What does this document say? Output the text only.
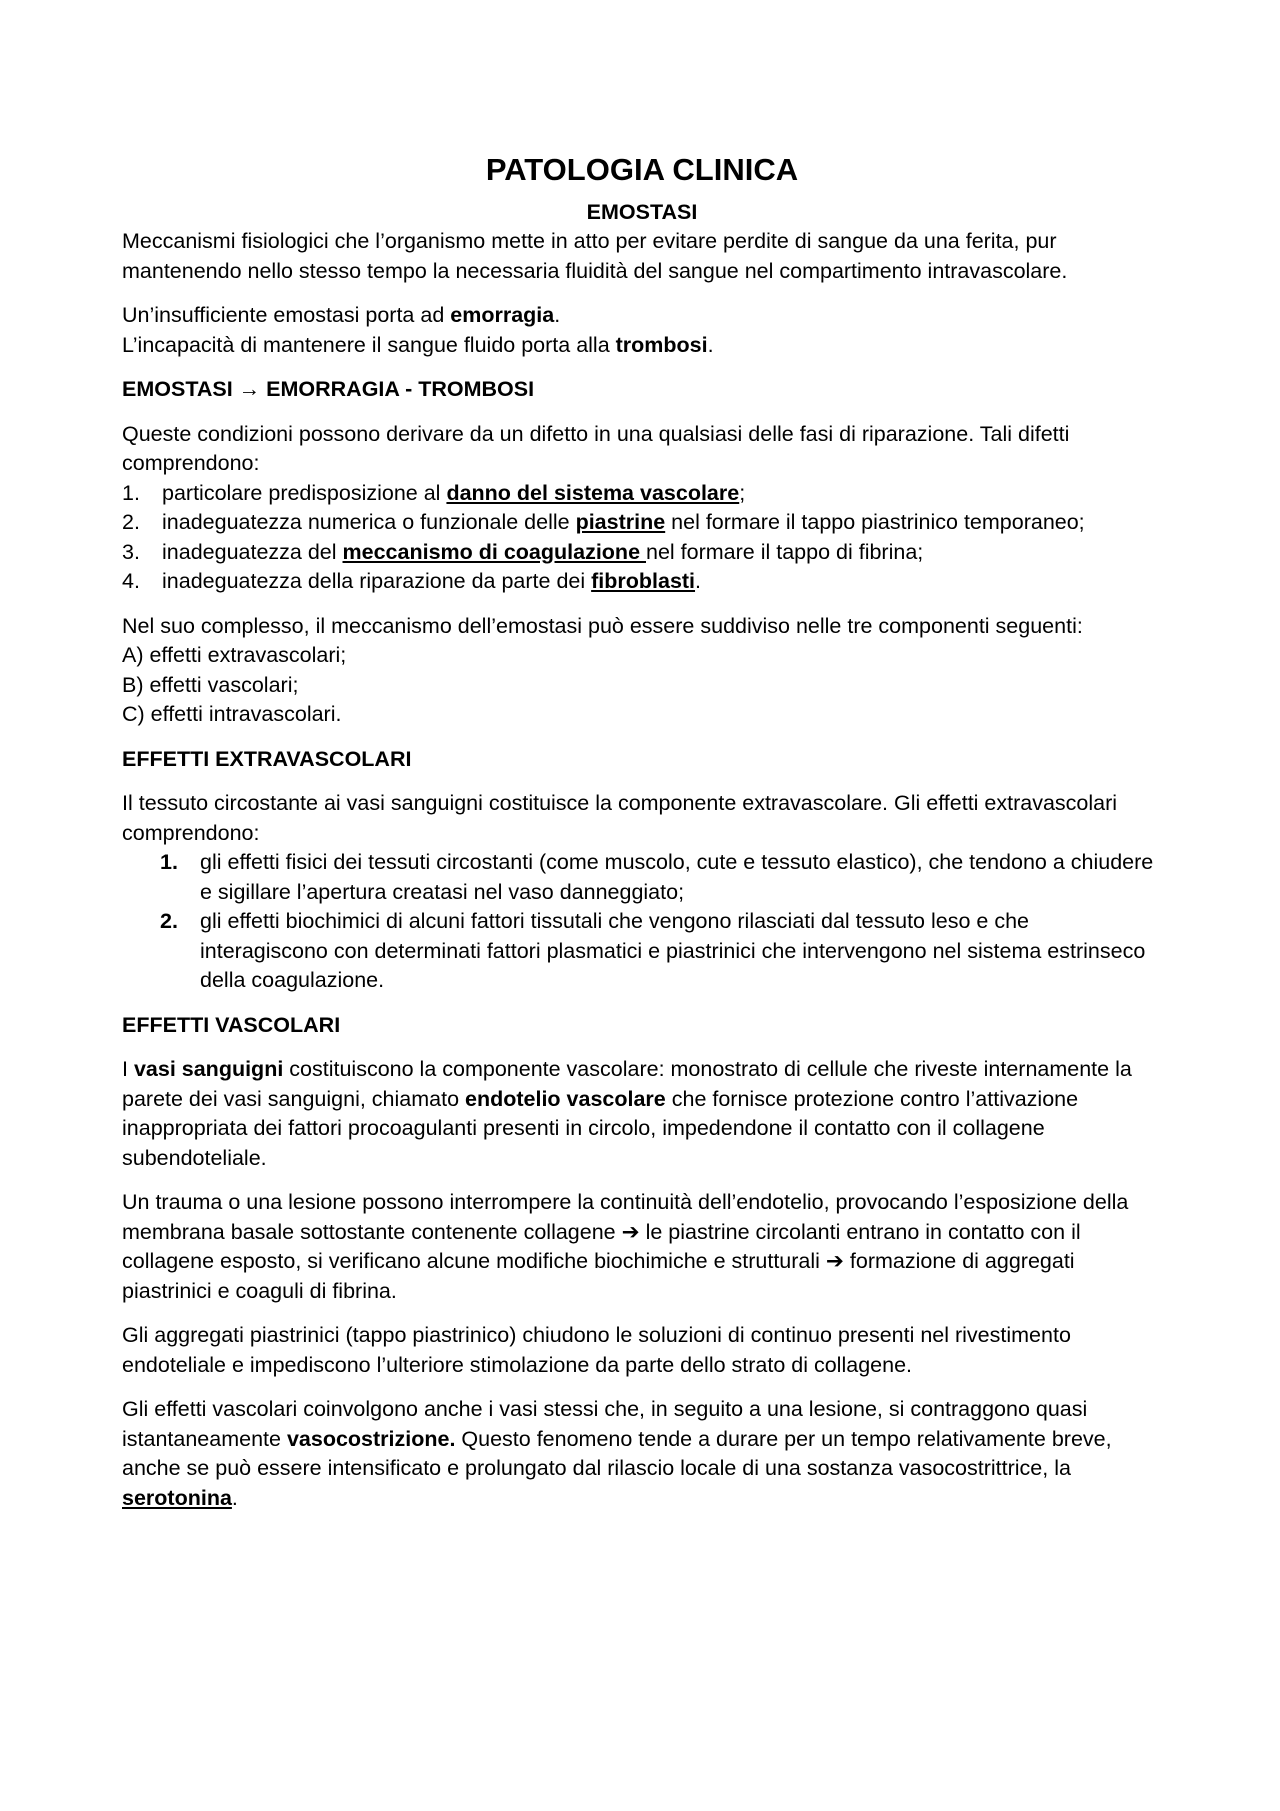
PATOLOGIA CLINICA
EMOSTASI

Meccanismi fisiologici che l’organismo mette in atto per evitare perdite di sangue da una ferita, pur mantenendo nello stesso tempo la necessaria fluidità del sangue nel compartimento intravascolare.

Un’insufficiente emostasi porta ad emorragia.
L’incapacità di mantenere il sangue fluido porta alla trombosi.

EMOSTASI → EMORRAGIA - TROMBOSI

Queste condizioni possono derivare da un difetto in una qualsiasi delle fasi di riparazione. Tali difetti comprendono:

1. particolare predisposizione al danno del sistema vascolare;
2. inadeguatezza numerica o funzionale delle piastrine nel formare il tappo piastrinico temporaneo;
3. inadeguatezza del meccanismo di coagulazione nel formare il tappo di fibrina;
4. inadeguatezza della riparazione da parte dei fibroblasti.

Nel suo complesso, il meccanismo dell’emostasi può essere suddiviso nelle tre componenti seguenti:

A) effetti extravascolari;
B) effetti vascolari;
C) effetti intravascolari.

EFFETTI EXTRAVASCOLARI

Il tessuto circostante ai vasi sanguigni costituisce la componente extravascolare. Gli effetti extravascolari comprendono:

1. gli effetti fisici dei tessuti circostanti (come muscolo, cute e tessuto elastico), che tendono a chiudere e sigillare l’apertura creatasi nel vaso danneggiato;
2. gli effetti biochimici di alcuni fattori tissutali che vengono rilasciati dal tessuto leso e che interagiscono con determinati fattori plasmatici e piastrinici che intervengono nel sistema estrinseco della coagulazione.

EFFETTI VASCOLARI

I vasi sanguigni costituiscono la componente vascolare: monostrato di cellule che riveste internamente la parete dei vasi sanguigni, chiamato endotelio vascolare che fornisce protezione contro l’attivazione inappropriata dei fattori procoagulanti presenti in circolo, impedendone il contatto con il collagene subendoteliale.

Un trauma o una lesione possono interrompere la continuità dell’endotelio, provocando l’esposizione della membrana basale sottostante contenente collagene ➔ le piastrine circolanti entrano in contatto con il collagene esposto, si verificano alcune modifiche biochimiche e strutturali ➔ formazione di aggregati piastrinici e coaguli di fibrina.

Gli aggregati piastrinici (tappo piastrinico) chiudono le soluzioni di continuo presenti nel rivestimento endoteliale e impediscono l’ulteriore stimolazione da parte dello strato di collagene.

Gli effetti vascolari coinvolgono anche i vasi stessi che, in seguito a una lesione, si contraggono quasi istantaneamente vasocostrizione. Questo fenomeno tende a durare per un tempo relativamente breve, anche se può essere intensificato e prolungato dal rilascio locale di una sostanza vasocostrittrice, la serotonina.
